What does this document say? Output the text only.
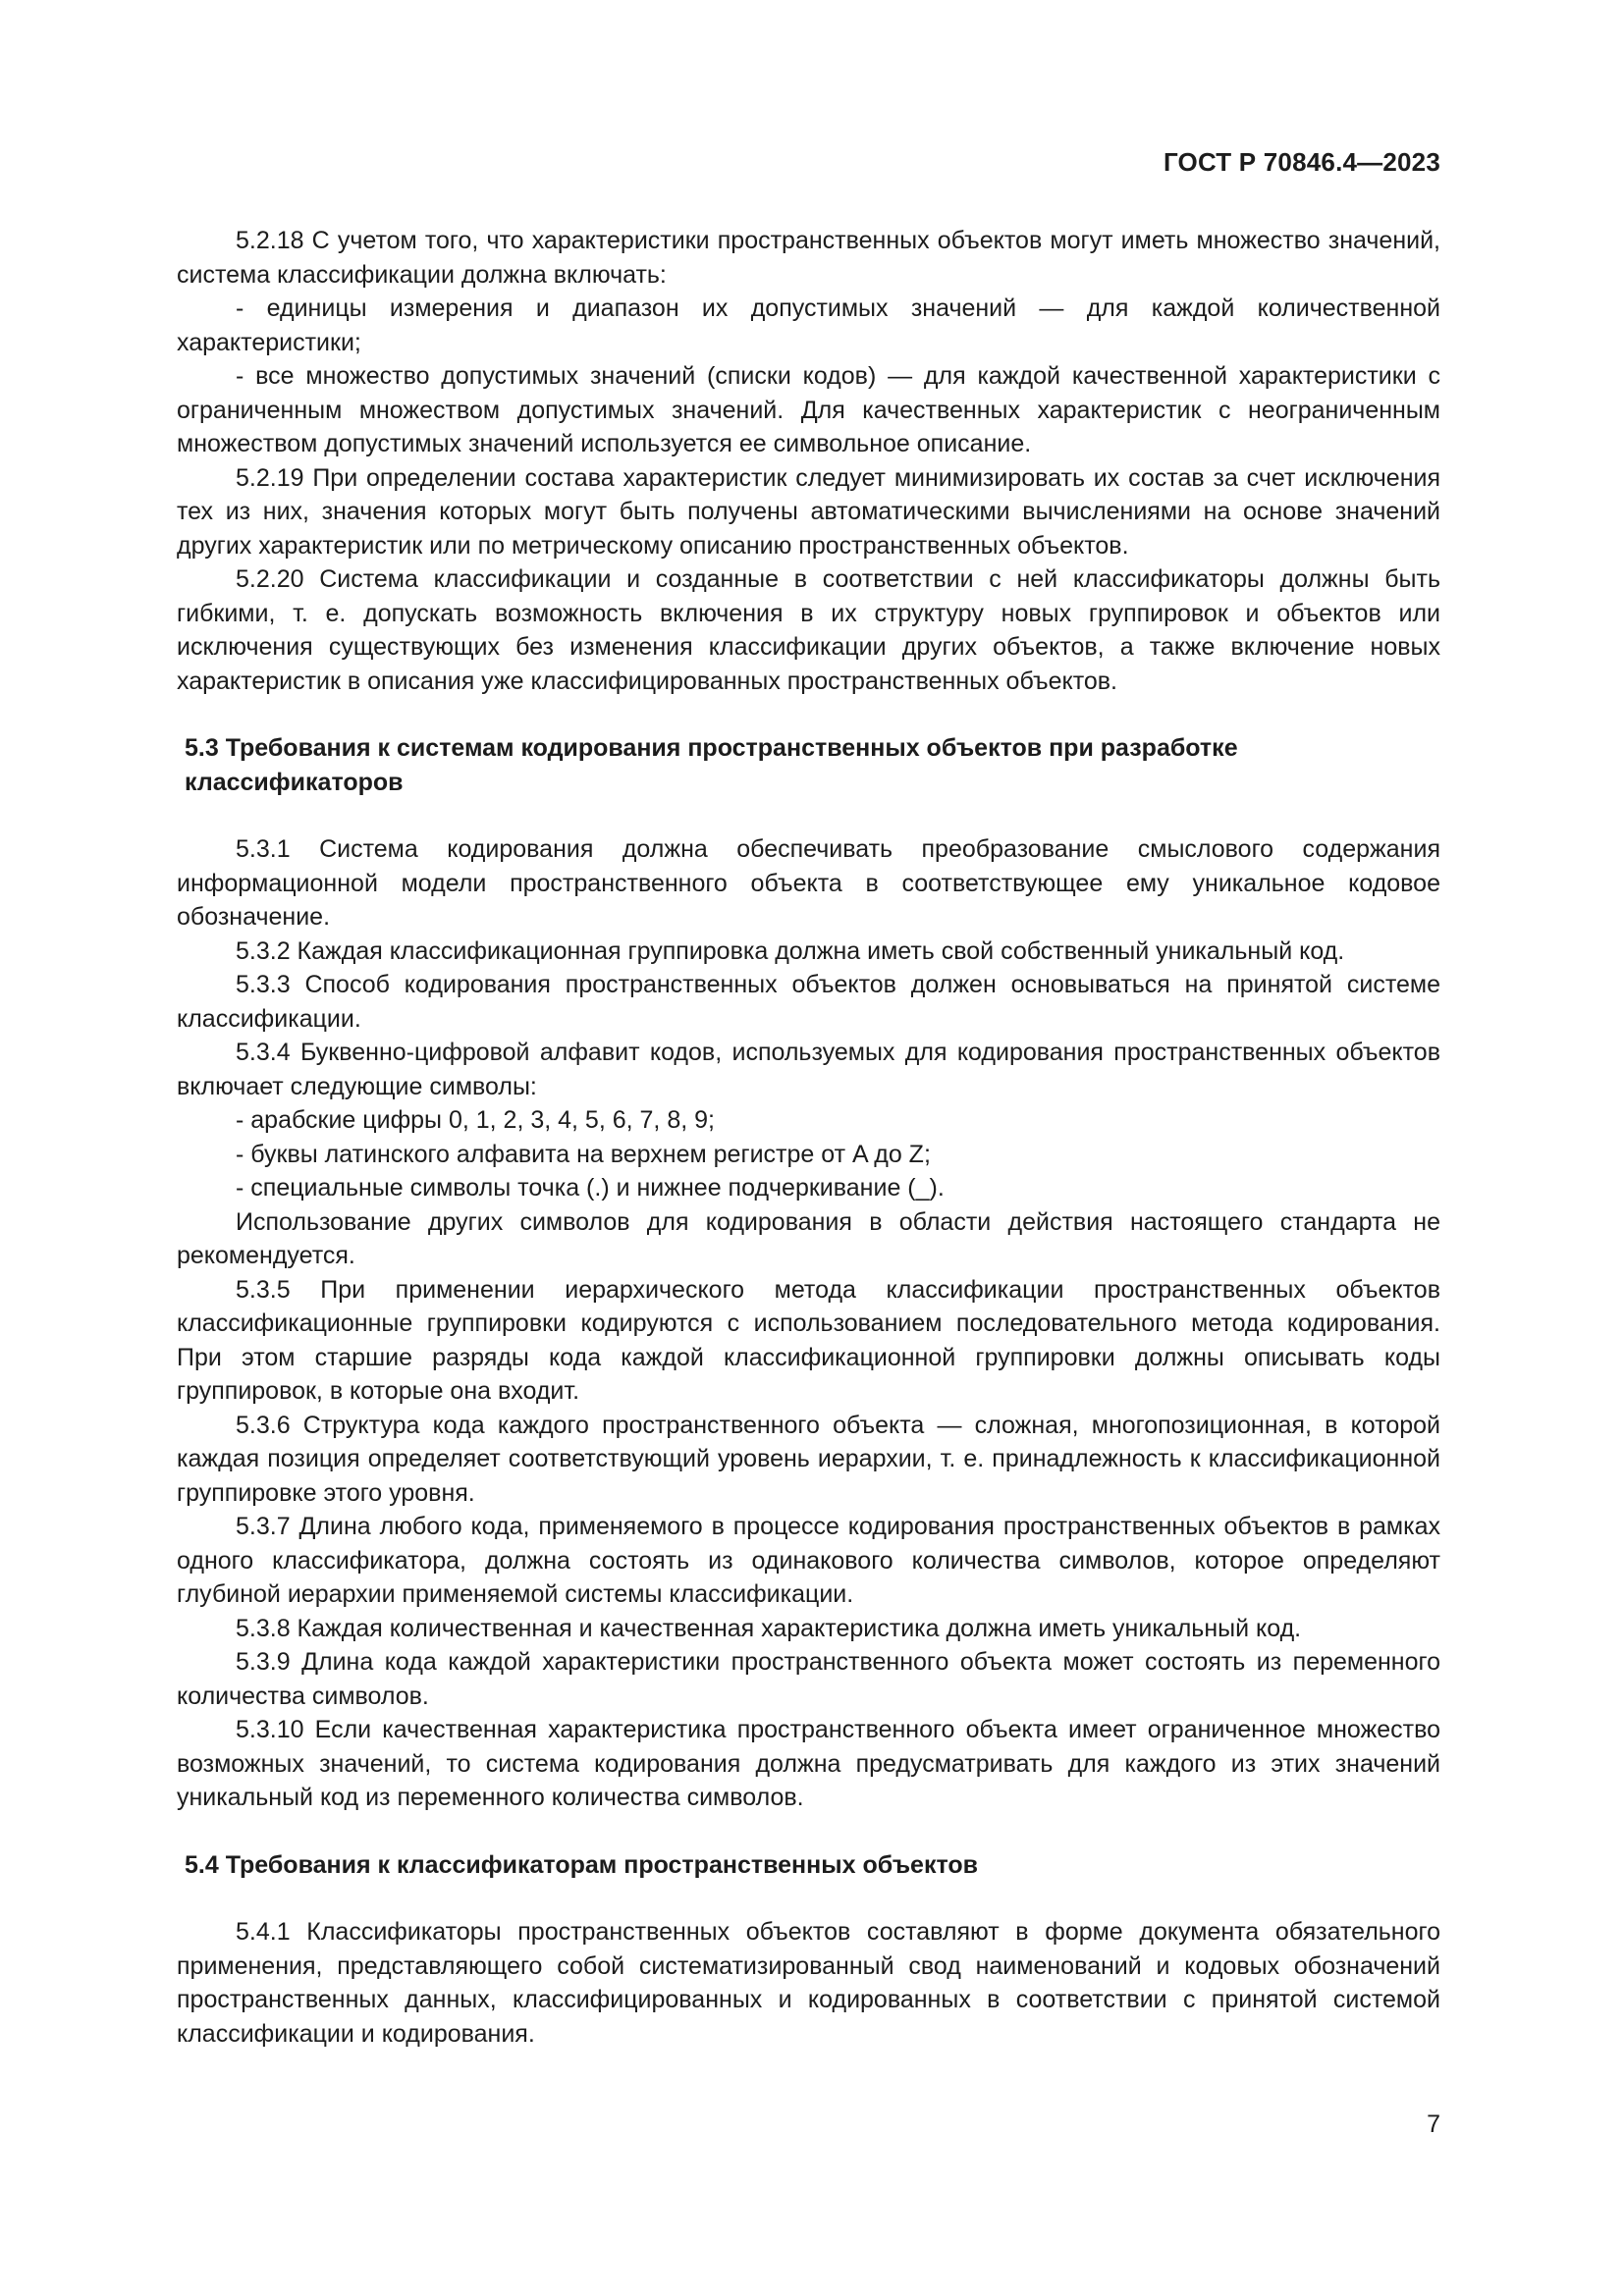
ГОСТ Р 70846.4—2023

5.2.18 С учетом того, что характеристики пространственных объектов могут иметь множество значений, система классификации должна включать:

- единицы измерения и диапазон их допустимых значений — для каждой количественной характеристики;

- все множество допустимых значений (списки кодов) — для каждой качественной характеристики с ограниченным множеством допустимых значений. Для качественных характеристик с неограниченным множеством допустимых значений используется ее символьное описание.

5.2.19 При определении состава характеристик следует минимизировать их состав за счет исключения тех из них, значения которых могут быть получены автоматическими вычислениями на основе значений других характеристик или по метрическому описанию пространственных объектов.

5.2.20 Система классификации и созданные в соответствии с ней классификаторы должны быть гибкими, т. е. допускать возможность включения в их структуру новых группировок и объектов или исключения существующих без изменения классификации других объектов, а также включение новых характеристик в описания уже классифицированных пространственных объектов.

5.3 Требования к системам кодирования пространственных объектов при разработке классификаторов

5.3.1 Система кодирования должна обеспечивать преобразование смыслового содержания информационной модели пространственного объекта в соответствующее ему уникальное кодовое обозначение.

5.3.2 Каждая классификационная группировка должна иметь свой собственный уникальный код.

5.3.3 Способ кодирования пространственных объектов должен основываться на принятой системе классификации.

5.3.4 Буквенно-цифровой алфавит кодов, используемых для кодирования пространственных объектов включает следующие символы:

- арабские цифры 0, 1, 2, 3, 4, 5, 6, 7, 8, 9;

- буквы латинского алфавита на верхнем регистре от A до Z;

- специальные символы точка (.) и нижнее подчеркивание (_).

Использование других символов для кодирования в области действия настоящего стандарта не рекомендуется.

5.3.5 При применении иерархического метода классификации пространственных объектов классификационные группировки кодируются с использованием последовательного метода кодирования. При этом старшие разряды кода каждой классификационной группировки должны описывать коды группировок, в которые она входит.

5.3.6 Структура кода каждого пространственного объекта — сложная, многопозиционная, в которой каждая позиция определяет соответствующий уровень иерархии, т. е. принадлежность к классификационной группировке этого уровня.

5.3.7 Длина любого кода, применяемого в процессе кодирования пространственных объектов в рамках одного классификатора, должна состоять из одинакового количества символов, которое определяют глубиной иерархии применяемой системы классификации.

5.3.8 Каждая количественная и качественная характеристика должна иметь уникальный код.

5.3.9 Длина кода каждой характеристики пространственного объекта может состоять из переменного количества символов.

5.3.10 Если качественная характеристика пространственного объекта имеет ограниченное множество возможных значений, то система кодирования должна предусматривать для каждого из этих значений уникальный код из переменного количества символов.

5.4 Требования к классификаторам пространственных объектов

5.4.1 Классификаторы пространственных объектов составляют в форме документа обязательного применения, представляющего собой систематизированный свод наименований и кодовых обозначений пространственных данных, классифицированных и кодированных в соответствии с принятой системой классификации и кодирования.

7
